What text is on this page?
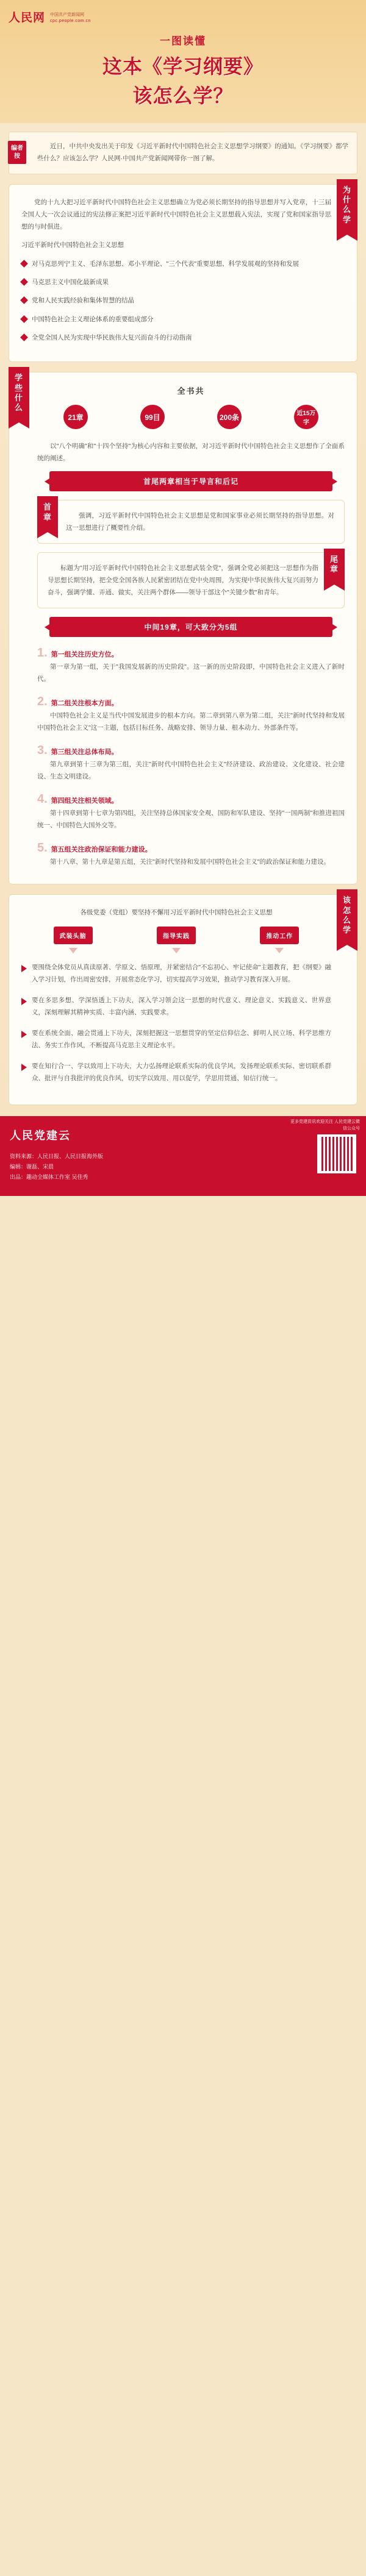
人民网 中国共产党新闻网
cpc.people.com.cn
一图读懂
这本《学习纲要》
该怎么学？
编者按

近日，中共中央发出关于印发《习近平新时代中国特色社会主义思想学习纲要》的通知。《学习纲要》都学些什么？应该怎么学？人民网·中国共产党新闻网带你一图了解。

为什么学

党的十九大把习近平新时代中国特色社会主义思想确立为党必须长期坚持的指导思想并写入党章，十三届全国人大一次会议通过的宪法修正案把习近平新时代中国特色社会主义思想载入宪法，实现了党和国家指导思想的与时俱进。

习近平新时代中国特色社会主义思想
对马克思列宁主义、毛泽东思想、邓小平理论、"三个代表"重要思想、科学发展观的坚持和发展
马克思主义中国化最新成果
党和人民实践经验和集体智慧的结晶
中国特色社会主义理论体系的重要组成部分
全党全国人民为实现中华民族伟大复兴而奋斗的行动指南
学些什么
全书共
21章	99目	200条	近15万字

以"八个明确"和"十四个坚持"为核心内容和主要依据，对习近平新时代中国特色社会主义思想作了全面系统的阐述。

首尾两章相当于导言和后记
首章	强调，习近平新时代中国特色社会主义思想是党和国家事业必须长期坚持的指导思想。对这一思想进行了概要性介绍。

尾章

标题为"用习近平新时代中国特色社会主义思想武装全党"，强调全党必须把这一思想作为指导思想长期坚持，把全党全国各族人民紧密团结在党中央周围，为实现中华民族伟大复兴而努力奋斗，强调学懂、弄通、做实，关注两个群体——领导干部这个"关键少数"和青年。

中间19章，可大致分为5组
1. 第一组关注历史方位。

第一章为第一组，关于"我国发展新的历史阶段"。这一新的历史阶段即，中国特色社会主义进入了新时代。

2. 第二组关注根本方面。

中国特色社会主义是当代中国发展进步的根本方向。第二章到第八章为第二组，关注"新时代坚持和发展中国特色社会主义"这一主题，包括目标任务、战略安排、领导力量、根本动力、外部条件等。

3. 第三组关注总体布局。

第九章到第十三章为第三组，关注"新时代中国特色社会主义"经济建设、政治建设、文化建设、社会建设、生态文明建设。

4. 第四组关注相关领域。

第十四章到第十七章为第四组，关注坚持总体国家安全观、国防和军队建设、坚持"一国两制"和推进祖国统一、中国特色大国外交等。

5. 第五组关注政治保证和能力建设。

第十八章、第十九章是第五组，关注"新时代坚持和发展中国特色社会主义"的政治保证和能力建设。

该怎么学
各级党委（党组）要坚持不懈用习近平新时代中国特色社会主义思想
武装头脑	指导实践	推动工作
要围绕全体党员从真读原著、学原文、悟原理，并紧密结合"不忘初心、牢记使命"主题教育，把《纲要》融入学习计划，作出周密安排，开展常态化学习，切实提高学习效果，推动学习教育深入开展。
要在多思多想、学深悟透上下功夫，深入学习领会这一思想的时代意义、理论意义、实践意义、世界意义，深刻理解其精神实质、丰富内涵、实践要求。
要在系统全面、融会贯通上下功夫，深刻把握这一思想贯穿的坚定信仰信念、鲜明人民立场、科学思维方法、务实工作作风，不断提高马克思主义理论水平。
要在知行合一、学以致用上下功夫，大力弘扬理论联系实际的优良学风，发扬理论联系实际、密切联系群众、批评与自我批评的优良作风，切实学以致用、用以促学，学思用贯通、知信行统一。
更多党建资讯欢迎关注 人民党建云微信公众号
人民党建云
资料来源：人民日报、人民日报海外版
编辑：谢磊、宋晨
出品：趣动全媒体工作室 吴佳秀
